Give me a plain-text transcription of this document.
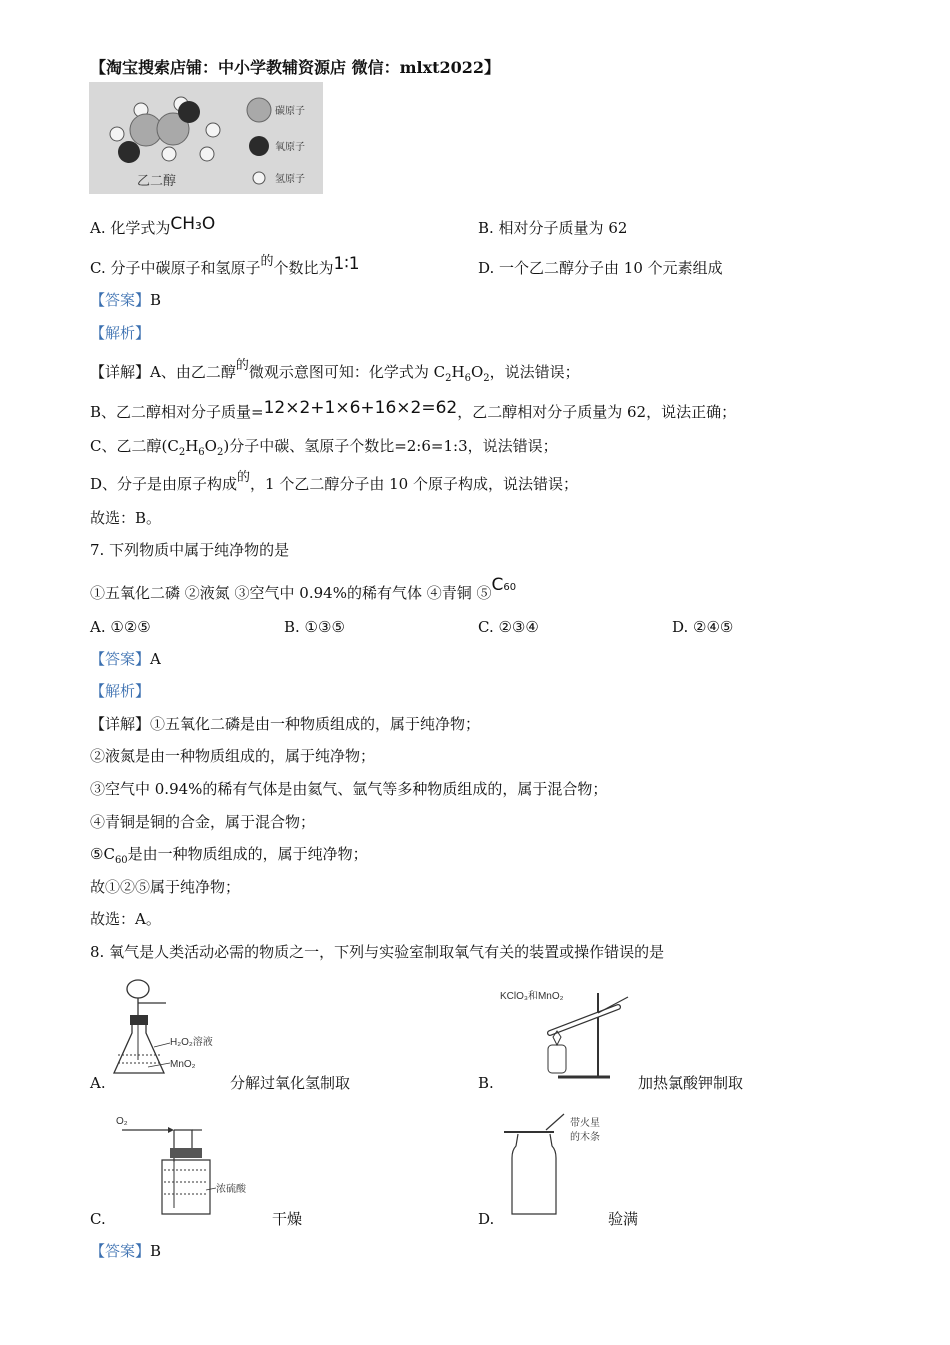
【淘宝搜索店铺：中小学教辅资源店 微信：mlxt2022】
乙二醇
碳原子
氧原子
氢原子
A. 化学式为CH₃O	B. 相对分子质量为 62
C. 分子中碳原子和氢原子的个数比为1∶1	D. 一个乙二醇分子由 10 个元素组成
【答案】B
【解析】
【详解】A、由乙二醇的微观示意图可知：化学式为 $C_2H_6O_2$，说法错误；
B、乙二醇相对分子质量=12×2+1×6+16×2=62，乙二醇相对分子质量为 62，说法正确；
C、乙二醇$(C_2H_6O_2)$分子中碳、氢原子个数比=2:6=1:3，说法错误；
D、分子是由原子构成的，1 个乙二醇分子由 10 个原子构成，说法错误；
故选：B。
7. 下列物质中属于纯净物的是
①五氧化二磷 ②液氮 ③空气中 0.94%的稀有气体 ④青铜 ⑤C60
A. ①②⑤	B. ①③⑤	C. ②③④	D. ②④⑤
【答案】A
【解析】
【详解】①五氧化二磷是由一种物质组成的，属于纯净物；
②液氮是由一种物质组成的，属于纯净物；
③空气中 0.94%的稀有气体是由氦气、氩气等多种物质组成的，属于混合物；
④青铜是铜的合金，属于混合物；
$⑤C_{60}$是由一种物质组成的，属于纯净物；
故①②⑤属于纯净物；
故选：A。
8. 氧气是人类活动必需的物质之一，下列与实验室制取氧气有关的装置或操作错误的是
H₂O₂溶液
MnO₂
A.	分解过氧化氢制取
KClO₃和MnO₂
B.	加热氯酸钾制取
O₂
浓硫酸
C.	干燥
带火星
的木条
D.	验满
【答案】B
